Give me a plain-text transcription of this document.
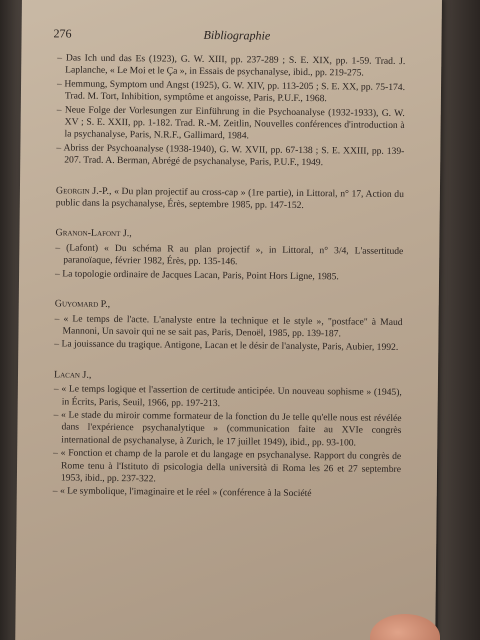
276	Bibliographie

– Das Ich und das Es (1923), G. W. XIII, pp. 237-289 ; S. E. XIX, pp. 1-59. Trad. J. Laplanche, « Le Moi et le Ça », in Essais de psychanalyse, ibid., pp. 219-275.

– Hemmung, Symptom und Angst (1925), G. W. XIV, pp. 113-205 ; S. E. XX, pp. 75-174. Trad. M. Tort, Inhibition, symptôme et angoisse, Paris, P.U.F., 1968.

– Neue Folge der Vorlesungen zur Einführung in die Psychoanalyse (1932-1933), G. W. XV ; S. E. XXII, pp. 1-182. Trad. R.-M. Zeitlin, Nouvelles conférences d'introduction à la psychanalyse, Paris, N.R.F., Gallimard, 1984.

– Abriss der Psychoanalyse (1938-1940), G. W. XVII, pp. 67-138 ; S. E. XXIII, pp. 139-207. Trad. A. Berman, Abrégé de psychanalyse, Paris, P.U.F., 1949.

Georgin J.-P., « Du plan projectif au cross-cap » (1re partie), in Littoral, n° 17, Action du public dans la psychanalyse, Érès, septembre 1985, pp. 147-152.

Granon-Lafont J.,

– (Lafont) « Du schéma R au plan projectif », in Littoral, n° 3/4, L'assertitude paranoïaque, février 1982, Érès, pp. 135-146.

– La topologie ordinaire de Jacques Lacan, Paris, Point Hors Ligne, 1985.

Guyomard P.,

– « Le temps de l'acte. L'analyste entre la technique et le style », "postface" à Maud Mannoni, Un savoir qui ne se sait pas, Paris, Denoël, 1985, pp. 139-187.

– La jouissance du tragique. Antigone, Lacan et le désir de l'analyste, Paris, Aubier, 1992.

Lacan J.,

– « Le temps logique et l'assertion de certitude anticipée. Un nouveau sophisme » (1945), in Écrits, Paris, Seuil, 1966, pp. 197-213.

– « Le stade du miroir comme formateur de la fonction du Je telle qu'elle nous est révélée dans l'expérience psychanalytique » (communication faite au XVIe congrès international de psychanalyse, à Zurich, le 17 juillet 1949), ibid., pp. 93-100.

– « Fonction et champ de la parole et du langage en psychanalyse. Rapport du congrès de Rome tenu à l'Istituto di psicologia della università di Roma les 26 et 27 septembre 1953, ibid., pp. 237-322.

– « Le symbolique, l'imaginaire et le réel » (conférence à la Société
